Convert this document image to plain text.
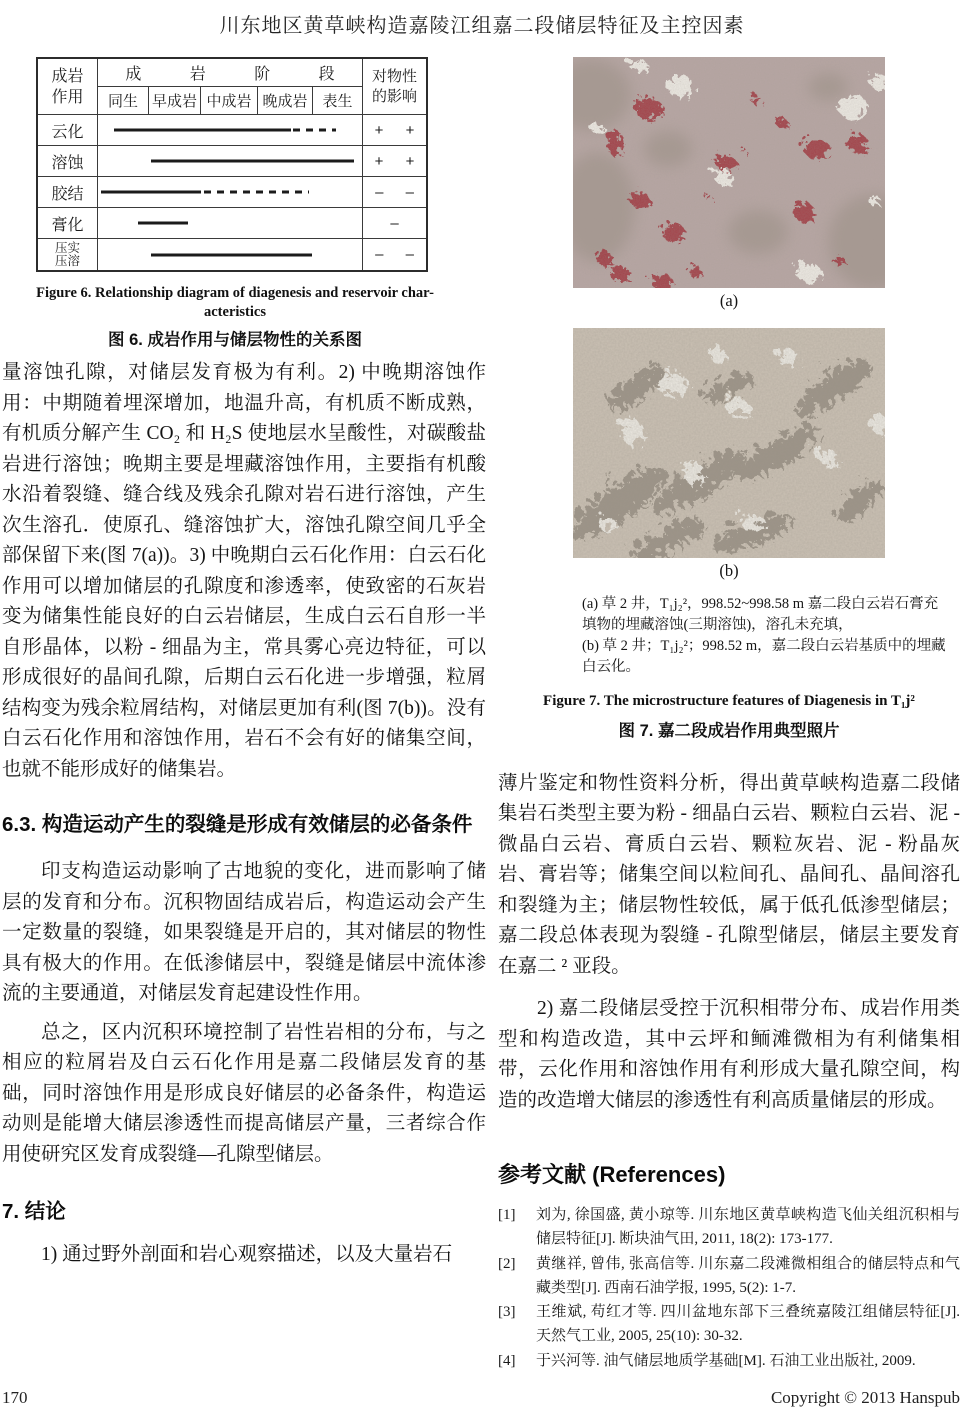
川东地区黄草峡构造嘉陵江组嘉二段储层特征及主控因素
成岩
作用
成 岩 阶 段
同生 早成岩 中成岩 晚成岩 表生
对物性
的影响
云化	+ +
溶蚀	+ +
胶结	– –
膏化	–
压实
压溶	– –
Figure 6. Relationship diagram of diagenesis and reservoir char-
acteristics
图 6. 成岩作用与储层物性的关系图

量溶蚀孔隙，对储层发育极为有利。2) 中晚期溶蚀作用：中期随着埋深增加，地温升高，有机质不断成熟，有机质分解产生 CO₂ 和 H₂S 使地层水呈酸性，对碳酸盐岩进行溶蚀；晚期主要是埋藏溶蚀作用，主要指有机酸水沿着裂缝、缝合线及残余孔隙对岩石进行溶蚀，产生次生溶孔．使原孔、缝溶蚀扩大，溶蚀孔隙空间几乎全部保留下来(图 7(a))。3) 中晚期白云石化作用：白云石化作用可以增加储层的孔隙度和渗透率，使致密的石灰岩变为储集性能良好的白云岩储层，生成白云石自形一半自形晶体，以粉 - 细晶为主，常具雾心亮边特征，可以形成很好的晶间孔隙，后期白云石化进一步增强，粒屑结构变为残余粒屑结构，对储层更加有利(图 7(b))。没有白云石化作用和溶蚀作用，岩石不会有好的储集空间，也就不能形成好的储集岩。

6.3. 构造运动产生的裂缝是形成有效储层的必备条件

印支构造运动影响了古地貌的变化，进而影响了储层的发育和分布。沉积物固结成岩后，构造运动会产生一定数量的裂缝，如果裂缝是开启的，其对储层的物性具有极大的作用。在低渗储层中，裂缝是储层中流体渗流的主要通道，对储层发育起建设性作用。

总之，区内沉积环境控制了岩性岩相的分布，与之相应的粒屑岩及白云石化作用是嘉二段储层发育的基础，同时溶蚀作用是形成良好储层的必备条件，构造运动则是能增大储层渗透性而提高储层产量，三者综合作用使研究区发育成裂缝—孔隙型储层。

7. 结论

1) 通过野外剖面和岩心观察描述，以及大量岩石

(a)
(b)

(a) 草 2 井，T₁j₂²，998.52~998.58 m 嘉二段白云岩石膏充填物的埋藏溶蚀(三期溶蚀)，溶孔未充填，

(b) 草 2 井；T₁j₂²；998.52 m，嘉二段白云岩基质中的埋藏白云化。

Figure 7. The microstructure features of Diagenesis in T₁j²
图 7. 嘉二段成岩作用典型照片

薄片鉴定和物性资料分析，得出黄草峡构造嘉二段储集岩石类型主要为粉 - 细晶白云岩、颗粒白云岩、泥 - 微晶白云岩、膏质白云岩、颗粒灰岩、泥 - 粉晶灰岩、膏岩等；储集空间以粒间孔、晶间孔、晶间溶孔和裂缝为主；储层物性较低，属于低孔低渗型储层；嘉二段总体表现为裂缝 - 孔隙型储层，储层主要发育在嘉二 ² 亚段。

2) 嘉二段储层受控于沉积相带分布、成岩作用类型和构造改造，其中云坪和鲕滩微相为有利储集相带，云化作用和溶蚀作用有利形成大量孔隙空间，构造的改造增大储层的渗透性有利高质量储层的形成。

参考文献 (References)
[1] 刘为, 徐国盛, 黄小琼等. 川东地区黄草峡构造飞仙关组沉积相与储层特征[J]. 断块油气田, 2011, 18(2): 173-177.
[2] 黄继祥, 曾伟, 张高信等. 川东嘉二段滩微相组合的储层特点和气藏类型[J]. 西南石油学报, 1995, 5(2): 1-7.
[3] 王维斌, 苟红才等. 四川盆地东部下三叠统嘉陵江组储层特征[J]. 天然气工业, 2005, 25(10): 30-32.
[4] 于兴河等. 油气储层地质学基础[M]. 石油工业出版社, 2009.
170	Copyright © 2013 Hanspub
